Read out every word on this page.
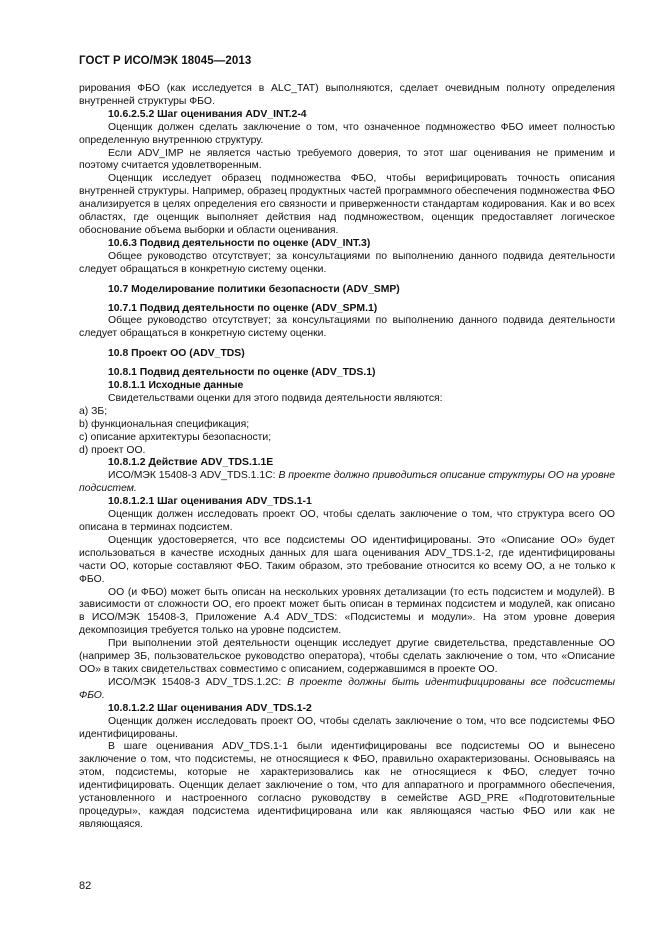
ГОСТ Р ИСО/МЭК 18045—2013

рирования ФБО (как исследуется в ALC_TAT) выполняются, сделает очевидным полноту определения внутренней структуры ФБО.

10.6.2.5.2 Шаг оценивания ADV_INT.2-4

Оценщик должен сделать заключение о том, что означенное подмножество ФБО имеет полностью определенную внутреннюю структуру.

Если ADV_IMP не является частью требуемого доверия, то этот шаг оценивания не применим и поэтому считается удовлетворенным.

Оценщик исследует образец подмножества ФБО, чтобы верифицировать точность описания внутренней структуры. Например, образец продуктных частей программного обеспечения подмножества ФБО анализируется в целях определения его связности и приверженности стандартам кодирования. Как и во всех областях, где оценщик выполняет действия над подмножеством, оценщик предоставляет логическое обоснование объема выборки и области оценивания.

10.6.3 Подвид деятельности по оценке (ADV_INT.3)

Общее руководство отсутствует; за консультациями по выполнению данного подвида деятельности следует обращаться в конкретную систему оценки.

10.7 Моделирование политики безопасности (ADV_SMP)

10.7.1 Подвид деятельности по оценке (ADV_SPM.1)

Общее руководство отсутствует; за консультациями по выполнению данного подвида деятельности следует обращаться в конкретную систему оценки.

10.8 Проект ОО (ADV_TDS)

10.8.1 Подвид деятельности по оценке (ADV_TDS.1)

10.8.1.1 Исходные данные

Свидетельствами оценки для этого подвида деятельности являются:

a) ЗБ;

b) функциональная спецификация;

c) описание архитектуры безопасности;

d) проект ОО.

10.8.1.2 Действие ADV_TDS.1.1E

ИСО/МЭК 15408-3 ADV_TDS.1.1C: В проекте должно приводиться описание структуры ОО на уровне подсистем.

10.8.1.2.1 Шаг оценивания ADV_TDS.1-1

Оценщик должен исследовать проект ОО, чтобы сделать заключение о том, что структура всего ОО описана в терминах подсистем.

Оценщик удостоверяется, что все подсистемы ОО идентифицированы. Это «Описание ОО» будет использоваться в качестве исходных данных для шага оценивания ADV_TDS.1-2, где идентифицированы части ОО, которые составляют ФБО. Таким образом, это требование относится ко всему ОО, а не только к ФБО.

ОО (и ФБО) может быть описан на нескольких уровнях детализации (то есть подсистем и модулей). В зависимости от сложности ОО, его проект может быть описан в терминах подсистем и модулей, как описано в ИСО/МЭК 15408-3, Приложение A.4 ADV_TDS: «Подсистемы и модули». На этом уровне доверия декомпозиция требуется только на уровне подсистем.

При выполнении этой деятельности оценщик исследует другие свидетельства, представленные ОО (например ЗБ, пользовательское руководство оператора), чтобы сделать заключение о том, что «Описание ОО» в таких свидетельствах совместимо с описанием, содержавшимся в проекте ОО.

ИСО/МЭК 15408-3 ADV_TDS.1.2C: В проекте должны быть идентифицированы все подсистемы ФБО.

10.8.1.2.2 Шаг оценивания ADV_TDS.1-2

Оценщик должен исследовать проект ОО, чтобы сделать заключение о том, что все подсистемы ФБО идентифицированы.

В шаге оценивания ADV_TDS.1-1 были идентифицированы все подсистемы ОО и вынесено заключение о том, что подсистемы, не относящиеся к ФБО, правильно охарактеризованы. Основываясь на этом, подсистемы, которые не характеризовались как не относящиеся к ФБО, следует точно идентифицировать. Оценщик делает заключение о том, что для аппаратного и программного обеспечения, установленного и настроенного согласно руководству в семействе AGD_PRE «Подготовительные процедуры», каждая подсистема идентифицирована или как являющаяся частью ФБО или как не являющаяся.

82
